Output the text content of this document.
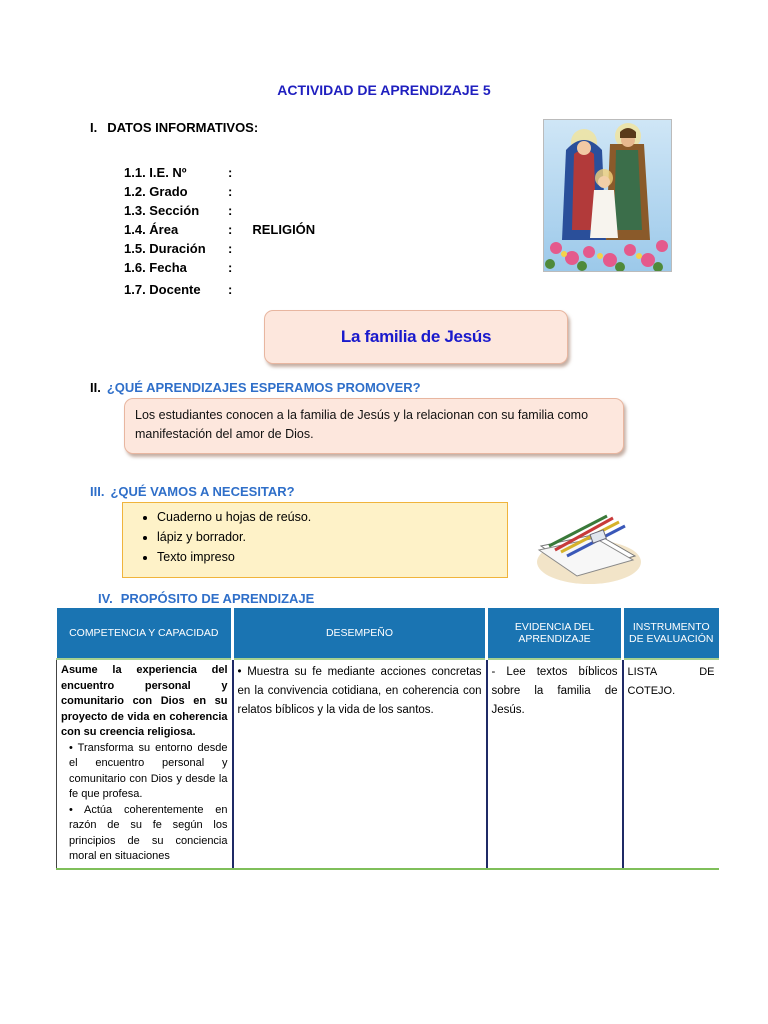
ACTIVIDAD DE APRENDIZAJE 5
I. DATOS INFORMATIVOS:
1.1. I.E. Nº	:
1.2. Grado	:
1.3. Sección :
1.4. Área	: RELIGIÓN
1.5. Duración :
1.6. Fecha	:
1.7. Docente :
La familia de Jesús
II. ¿QUÉ APRENDIZAJES ESPERAMOS PROMOVER?
Los estudiantes conocen a la familia de Jesús y la relacionan con su familia como manifestación del amor de Dios.
III. ¿QUÉ VAMOS A NECESITAR?
• Cuaderno u hojas de reúso.
• lápiz y borrador.
• Texto impreso
IV. PROPÓSITO DE APRENDIZAJE
COMPETENCIA Y CAPACIDAD	DESEMPEÑO	EVIDENCIA DEL APRENDIZAJE	INSTRUMENTO DE EVALUACIÓN
Asume la experiencia del encuentro personal y comunitario con Dios en su proyecto de vida en coherencia con su creencia religiosa.
• Transforma su entorno desde el encuentro personal y comunitario con Dios y desde la fe que profesa.
• Actúa coherentemente en razón de su fe según los principios de su conciencia moral en situaciones	• Muestra su fe mediante acciones concretas en la convivencia cotidiana, en coherencia con relatos bíblicos y la vida de los santos.	- Lee textos bíblicos sobre la familia de Jesús.	LISTA DE COTEJO.
